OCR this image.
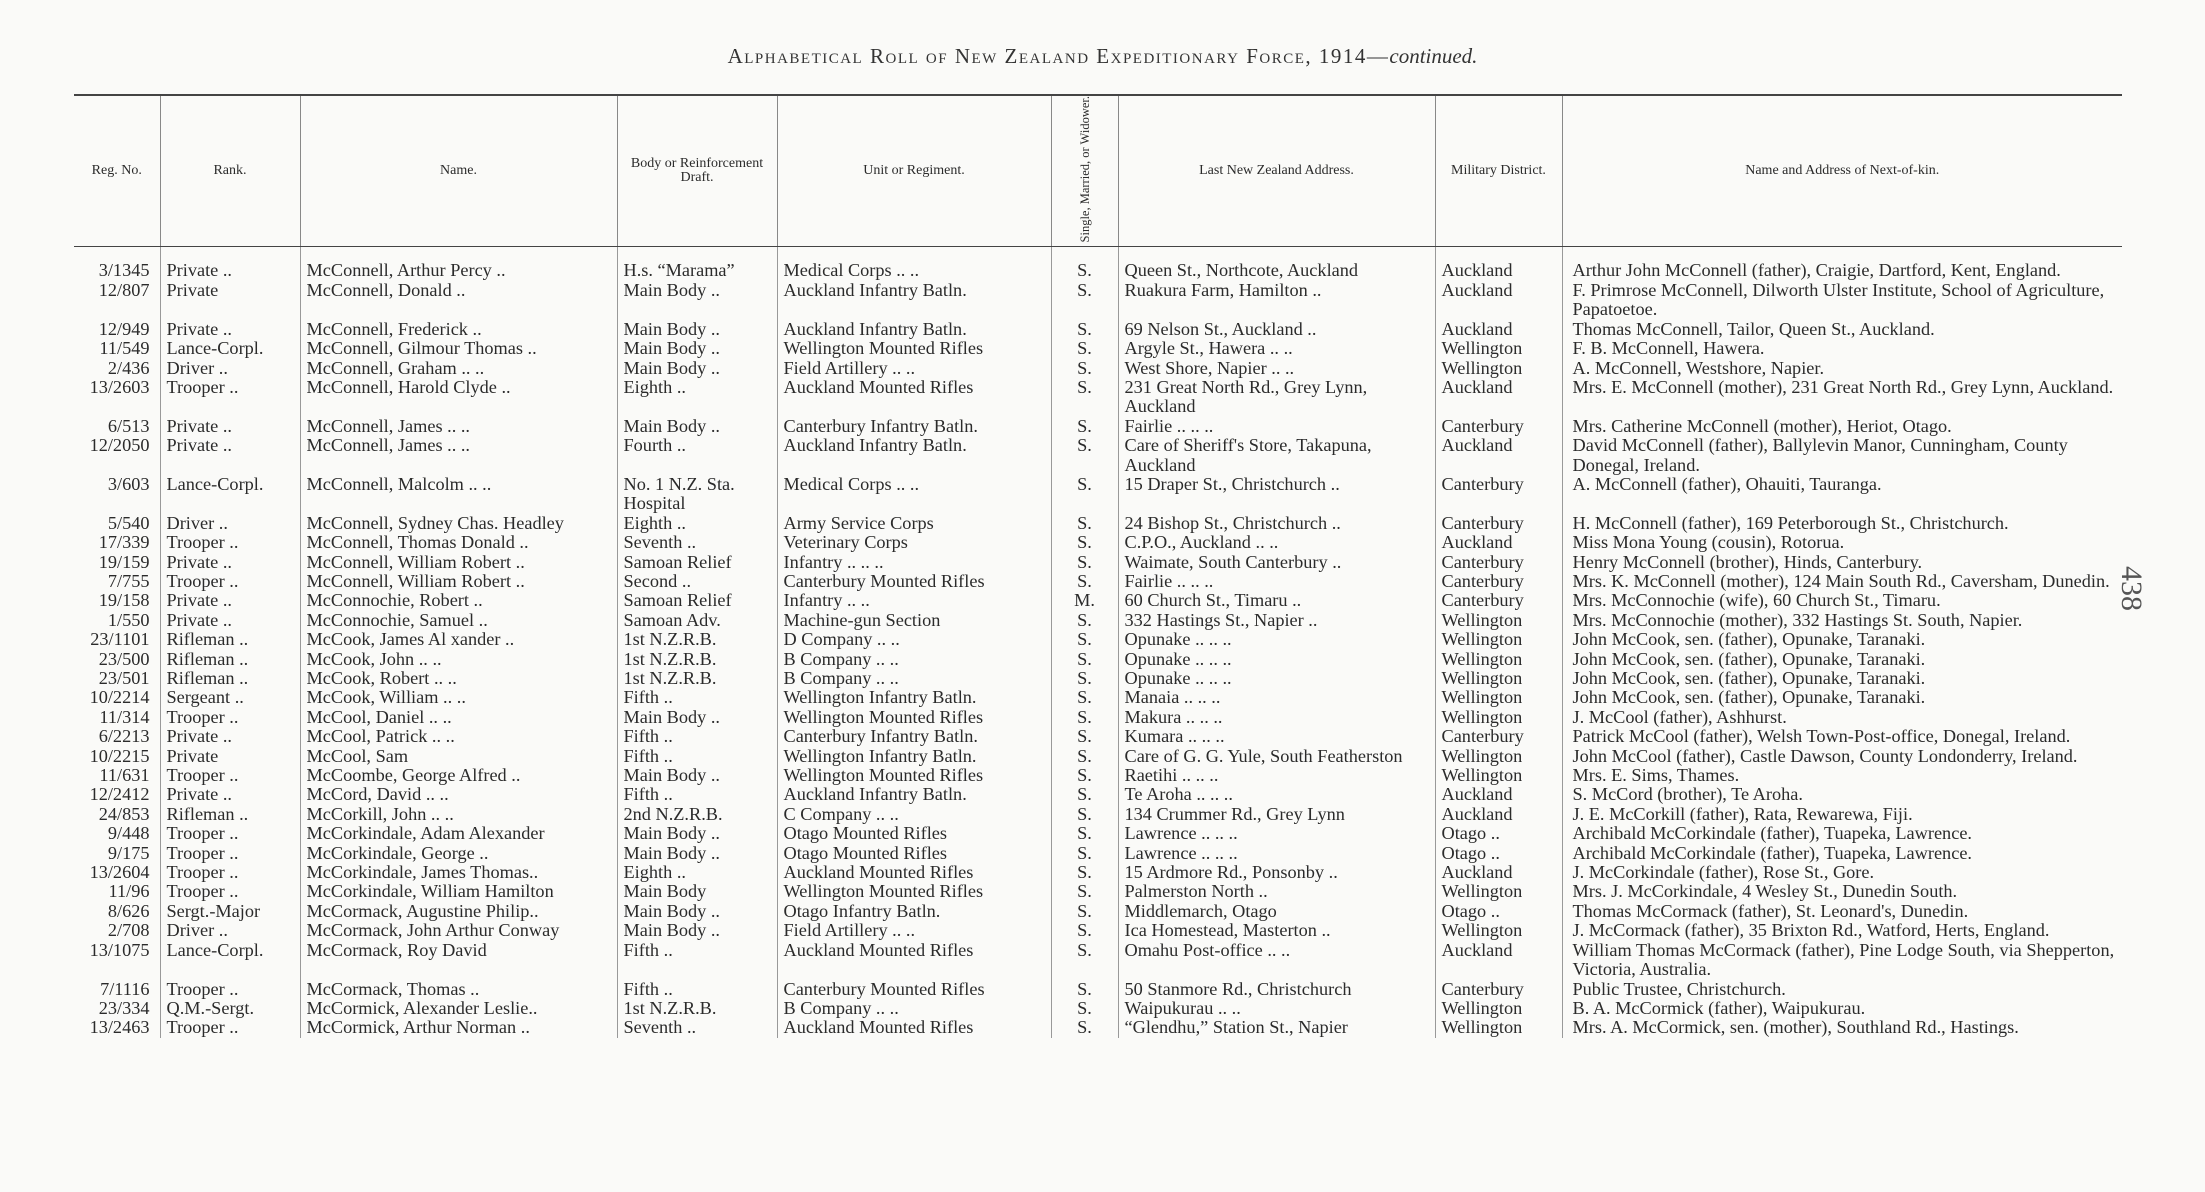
Alphabetical Roll of New Zealand Expeditionary Force, 1914—continued.
438
Reg. No.	Rank.	Name.	Body or Reinforcement Draft.	Unit or Regiment.	Single, Married, or Widower.	Last New Zealand Address.	Military District.	Name and Address of Next-of-kin.

3/1345	Private ..	McConnell, Arthur Percy ..	H.s. “Marama”	Medical Corps .. ..	S.	Queen St., Northcote, Auckland	Auckland	Arthur John McConnell (father), Craigie, Dartford, Kent, England.
12/807	Private	McConnell, Donald ..	Main Body ..	Auckland Infantry Batln.	S.	Ruakura Farm, Hamilton ..	Auckland	F. Primrose McConnell, Dilworth Ulster Institute, School of Agriculture, Papatoetoe.
12/949	Private ..	McConnell, Frederick ..	Main Body ..	Auckland Infantry Batln.	S.	69 Nelson St., Auckland ..	Auckland	Thomas McConnell, Tailor, Queen St., Auckland.
11/549	Lance-Corpl.	McConnell, Gilmour Thomas ..	Main Body ..	Wellington Mounted Rifles	S.	Argyle St., Hawera .. ..	Wellington	F. B. McConnell, Hawera.
2/436	Driver ..	McConnell, Graham .. ..	Main Body ..	Field Artillery .. ..	S.	West Shore, Napier .. ..	Wellington	A. McConnell, Westshore, Napier.
13/2603	Trooper ..	McConnell, Harold Clyde ..	Eighth ..	Auckland Mounted Rifles	S.	231 Great North Rd., Grey Lynn, Auckland	Auckland	Mrs. E. McConnell (mother), 231 Great North Rd., Grey Lynn, Auckland.
6/513	Private ..	McConnell, James .. ..	Main Body ..	Canterbury Infantry Batln.	S.	Fairlie .. .. ..	Canterbury	Mrs. Catherine McConnell (mother), Heriot, Otago.
12/2050	Private ..	McConnell, James .. ..	Fourth ..	Auckland Infantry Batln.	S.	Care of Sheriff's Store, Takapuna, Auckland	Auckland	David McConnell (father), Ballylevin Manor, Cunningham, County Donegal, Ireland.
3/603	Lance-Corpl.	McConnell, Malcolm .. ..	No. 1 N.Z. Sta. Hospital	Medical Corps .. ..	S.	15 Draper St., Christchurch ..	Canterbury	A. McConnell (father), Ohauiti, Tauranga.
5/540	Driver ..	McConnell, Sydney Chas. Headley	Eighth ..	Army Service Corps	S.	24 Bishop St., Christchurch ..	Canterbury	H. McConnell (father), 169 Peterborough St., Christchurch.
17/339	Trooper ..	McConnell, Thomas Donald ..	Seventh ..	Veterinary Corps	S.	C.P.O., Auckland .. ..	Auckland	Miss Mona Young (cousin), Rotorua.
19/159	Private ..	McConnell, William Robert ..	Samoan Relief	Infantry .. .. ..	S.	Waimate, South Canterbury ..	Canterbury	Henry McConnell (brother), Hinds, Canterbury.
7/755	Trooper ..	McConnell, William Robert ..	Second ..	Canterbury Mounted Rifles	S.	Fairlie .. .. ..	Canterbury	Mrs. K. McConnell (mother), 124 Main South Rd., Caversham, Dunedin.
19/158	Private ..	McConnochie, Robert ..	Samoan Relief	Infantry .. ..	M.	60 Church St., Timaru ..	Canterbury	Mrs. McConnochie (wife), 60 Church St., Timaru.
1/550	Private ..	McConnochie, Samuel ..	Samoan Adv.	Machine-gun Section	S.	332 Hastings St., Napier ..	Wellington	Mrs. McConnochie (mother), 332 Hastings St. South, Napier.
23/1101	Rifleman ..	McCook, James Al xander ..	1st N.Z.R.B.	D Company .. ..	S.	Opunake .. .. ..	Wellington	John McCook, sen. (father), Opunake, Taranaki.
23/500	Rifleman ..	McCook, John .. ..	1st N.Z.R.B.	B Company .. ..	S.	Opunake .. .. ..	Wellington	John McCook, sen. (father), Opunake, Taranaki.
23/501	Rifleman ..	McCook, Robert .. ..	1st N.Z.R.B.	B Company .. ..	S.	Opunake .. .. ..	Wellington	John McCook, sen. (father), Opunake, Taranaki.
10/2214	Sergeant ..	McCook, William .. ..	Fifth ..	Wellington Infantry Batln.	S.	Manaia .. .. ..	Wellington	John McCook, sen. (father), Opunake, Taranaki.
11/314	Trooper ..	McCool, Daniel .. ..	Main Body ..	Wellington Mounted Rifles	S.	Makura .. .. ..	Wellington	J. McCool (father), Ashhurst.
6/2213	Private ..	McCool, Patrick .. ..	Fifth ..	Canterbury Infantry Batln.	S.	Kumara .. .. ..	Canterbury	Patrick McCool (father), Welsh Town-Post-office, Donegal, Ireland.
10/2215	Private	McCool, Sam	Fifth ..	Wellington Infantry Batln.	S.	Care of G. G. Yule, South Featherston	Wellington	John McCool (father), Castle Dawson, County Londonderry, Ireland.
11/631	Trooper ..	McCoombe, George Alfred ..	Main Body ..	Wellington Mounted Rifles	S.	Raetihi .. .. ..	Wellington	Mrs. E. Sims, Thames.
12/2412	Private ..	McCord, David .. ..	Fifth ..	Auckland Infantry Batln.	S.	Te Aroha .. .. ..	Auckland	S. McCord (brother), Te Aroha.
24/853	Rifleman ..	McCorkill, John .. ..	2nd N.Z.R.B.	C Company .. ..	S.	134 Crummer Rd., Grey Lynn	Auckland	J. E. McCorkill (father), Rata, Rewarewa, Fiji.
9/448	Trooper ..	McCorkindale, Adam Alexander	Main Body ..	Otago Mounted Rifles	S.	Lawrence .. .. ..	Otago ..	Archibald McCorkindale (father), Tuapeka, Lawrence.
9/175	Trooper ..	McCorkindale, George ..	Main Body ..	Otago Mounted Rifles	S.	Lawrence .. .. ..	Otago ..	Archibald McCorkindale (father), Tuapeka, Lawrence.
13/2604	Trooper ..	McCorkindale, James Thomas..	Eighth ..	Auckland Mounted Rifles	S.	15 Ardmore Rd., Ponsonby ..	Auckland	J. McCorkindale (father), Rose St., Gore.
11/96	Trooper ..	McCorkindale, William Hamilton	Main Body	Wellington Mounted Rifles	S.	Palmerston North ..	Wellington	Mrs. J. McCorkindale, 4 Wesley St., Dunedin South.
8/626	Sergt.-Major	McCormack, Augustine Philip..	Main Body ..	Otago Infantry Batln.	S.	Middlemarch, Otago	Otago ..	Thomas McCormack (father), St. Leonard's, Dunedin.
2/708	Driver ..	McCormack, John Arthur Conway	Main Body ..	Field Artillery .. ..	S.	Ica Homestead, Masterton ..	Wellington	J. McCormack (father), 35 Brixton Rd., Watford, Herts, England.
13/1075	Lance-Corpl.	McCormack, Roy David	Fifth ..	Auckland Mounted Rifles	S.	Omahu Post-office .. ..	Auckland	William Thomas McCormack (father), Pine Lodge South, via Shepperton, Victoria, Australia.
7/1116	Trooper ..	McCormack, Thomas ..	Fifth ..	Canterbury Mounted Rifles	S.	50 Stanmore Rd., Christchurch	Canterbury	Public Trustee, Christchurch.
23/334	Q.M.-Sergt.	McCormick, Alexander Leslie..	1st N.Z.R.B.	B Company .. ..	S.	Waipukurau .. ..	Wellington	B. A. McCormick (father), Waipukurau.
13/2463	Trooper ..	McCormick, Arthur Norman ..	Seventh ..	Auckland Mounted Rifles	S.	“Glendhu,” Station St., Napier	Wellington	Mrs. A. McCormick, sen. (mother), Southland Rd., Hastings.
